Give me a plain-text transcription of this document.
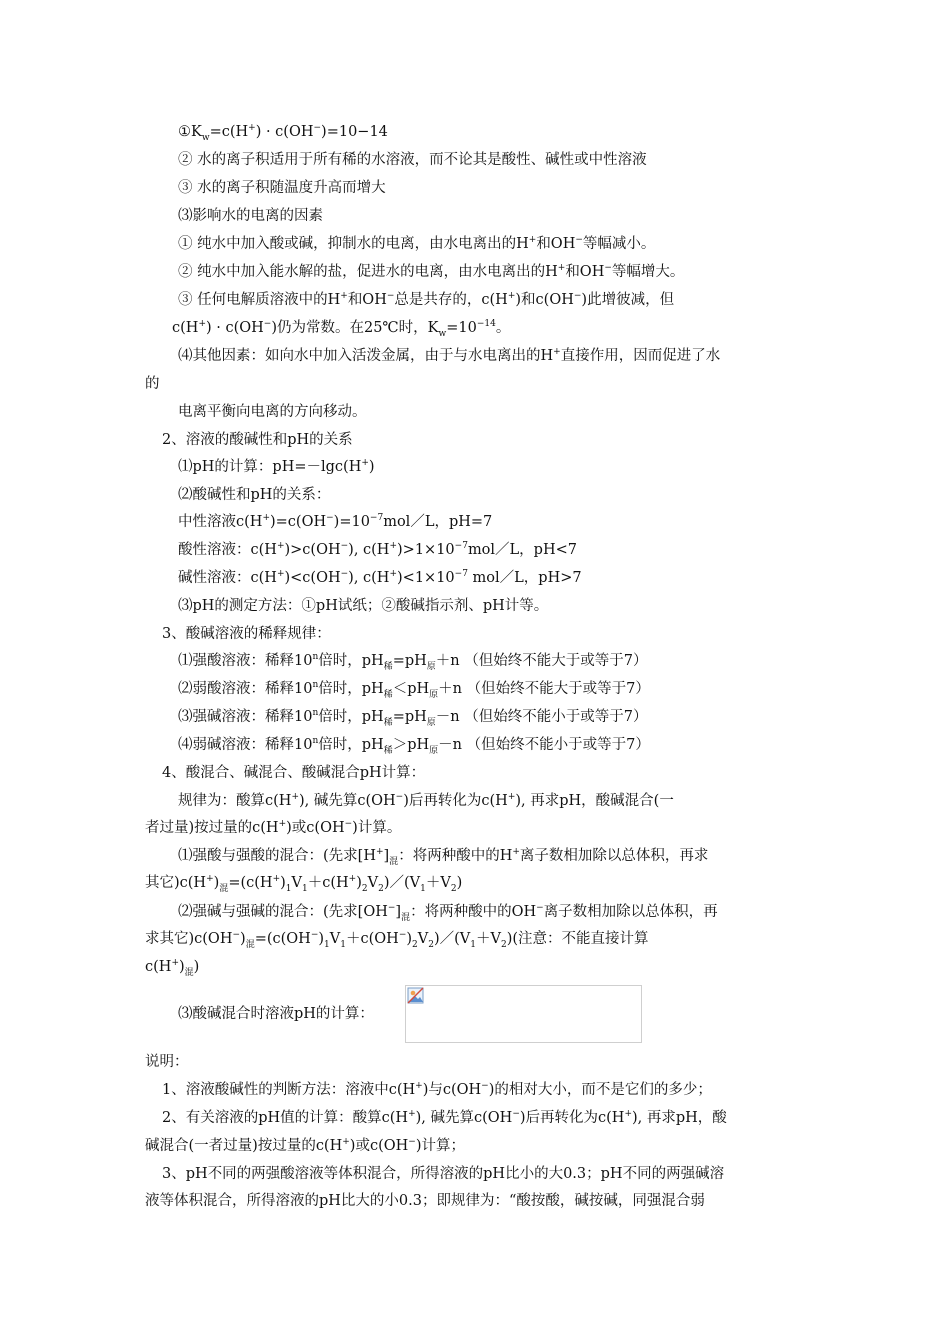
$①K_w=c(H^+) \cdot c(OH^-)=10-14$
② 水的离子积适用于所有稀的水溶液，而不论其是酸性、碱性或中性溶液
③ 水的离子积随温度升高而增大
⑶影响水的电离的因素
① 纯水中加入酸或碱，抑制水的电离，由水电离出的H+和OH−等幅减小。
② 纯水中加入能水解的盐，促进水的电离，由水电离出的H+和OH−等幅增大。
③ 任何电解质溶液中的H+和OH−总是共存的，c(H+)和c(OH−)此增彼减，但
c(H+) · c(OH−)仍为常数。在25℃时，$K_w=10^{-14}$。
⑷其他因素：如向水中加入活泼金属，由于与水电离出的H+直接作用，因而促进了水
的
电离平衡向电离的方向移动。
2、溶液的酸碱性和pH的关系
⑴pH的计算：pH=－lgc(H+)
⑵酸碱性和pH的关系：
中性溶液$c(H^+)=c(OH^-)=10^{-7}mol/L$，pH=7
酸性溶液：c(H+)>c(OH−), $c(H^+)>1\times 10^{-7}mol/L$，pH<7
碱性溶液：c(H+)<c(OH−), $c(H^+)<1\times 10^{-7}$ mol／L，pH>7
⑶pH的测定方法：①pH试纸；②酸碱指示剂、pH计等。
3、酸碱溶液的稀释规律：
⑴强酸溶液：稀释10$^n$倍时，$pH_稀=pH_原+n$ （但始终不能大于或等于7）
⑵弱酸溶液：稀释10$^n$倍时，$pH_稀<pH_原+n$ （但始终不能大于或等于7）
⑶强碱溶液：稀释10$^n$倍时，$pH_稀=pH_原-n$ （但始终不能小于或等于7）
⑷弱碱溶液：稀释10$^n$倍时，$pH_稀>pH_原-n$ （但始终不能小于或等于7）
4、酸混合、碱混合、酸碱混合pH计算：
规律为：酸算c(H+), 碱先算c(OH−)后再转化为c(H+), 再求pH，酸碱混合(一
者过量)按过量的c(H+)或c(OH−)计算。
⑴强酸与强酸的混合：(先求$[H^+]_混$：将两种酸中的H+离子数相加除以总体积，再求
其它)$c(H^+)_混=(c(H^+)_1V_1+c(H^+)_2V_2)/(V_1+V_2)$
⑵强碱与强碱的混合：(先求$[OH^-]_混$：将两种酸中的OH−离子数相加除以总体积，再
求其它)$c(OH^-)_混=(c(OH^-)_1V_1+c(OH^-)_2V_2)/(V_1+V_2)$(注意：不能直接计算
$c(H^+)_混$)
⑶酸碱混合时溶液pH的计算：
说明：
1、溶液酸碱性的判断方法：溶液中c(H+)与c(OH−)的相对大小，而不是它们的多少；
2、有关溶液的pH值的计算：酸算c(H+), 碱先算c(OH−)后再转化为c(H+), 再求pH，酸
碱混合(一者过量)按过量的c(H+)或c(OH−)计算；
3、pH不同的两强酸溶液等体积混合，所得溶液的pH比小的大0.3；pH不同的两强碱溶
液等体积混合，所得溶液的pH比大的小0.3；即规律为：“酸按酸，碱按碱，同强混合弱
